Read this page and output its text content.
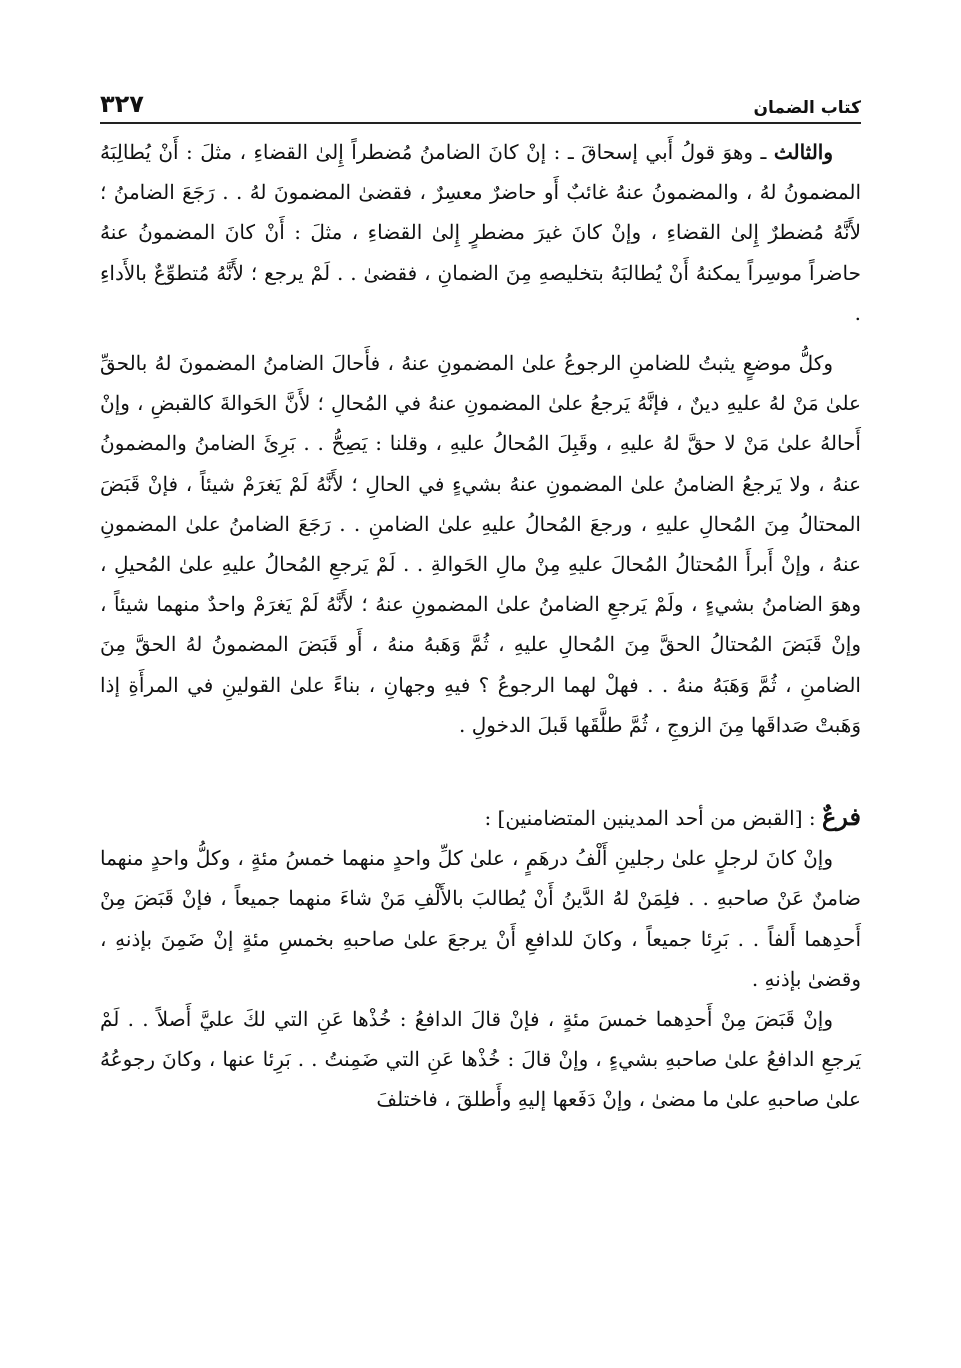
كتاب الضمان
٣٢٧

والثالث ـ وهوَ قولُ أَبي إسحاقَ ـ : إنْ كانَ الضامنُ مُضطراً إِلىٰ القضاءِ ، مثلَ : أَنْ يُطالِبَهُ المضمونُ لهُ ، والمضمونُ عنهُ غائبٌ أَو حاضرٌ معسِرٌ ، فقضىٰ المضمونَ لهُ . . رَجَعَ الضامنُ ؛ لأَنَّهُ مُضطرٌ إِلىٰ القضاءِ ، وإنْ كانَ غيرَ مضطرٍ إِلىٰ القضاءِ ، مثلَ : أَنْ كانَ المضمونُ عنهُ حاضراً موسِراً يمكنهُ أَنْ يُطالبَهُ بتخليصهِ مِنَ الضمانِ ، فقضىٰ . . لَمْ يرجع ؛ لأَنَّهُ مُتطوِّعٌ بالأَداءِ .

وكلُّ موضعٍ يثبتُ للضامنِ الرجوعُ علىٰ المضمونِ عنهُ ، فأَحالَ الضامنُ المضمونَ لهُ بالحقِّ علىٰ مَنْ لهُ عليهِ دينٌ ، فإنَّهُ يَرجعُ علىٰ المضمونِ عنهُ في المُحالِ ؛ لأَنَّ الحَوالةَ كالقبضِ ، وإنْ أَحالهُ علىٰ مَنْ لا حقَّ لهُ عليهِ ، وقَبِلَ المُحالُ عليهِ ، وقلنا : يَصِحُّ . . بَرِئَ الضامنُ والمضمونُ عنهُ ، ولا يَرجعُ الضامنُ علىٰ المضمونِ عنهُ بشيءٍ في الحالِ ؛ لأَنَّهُ لَمْ يَغرَمْ شيئاً ، فإنْ قَبَضَ المحتالُ مِنَ المُحالِ عليهِ ، ورجعَ المُحالُ عليهِ علىٰ الضامنِ . . رَجَعَ الضامنُ علىٰ المضمونِ عنهُ ، وإنْ أَبرأَ المُحتالُ المُحالَ عليهِ مِنْ مالِ الحَوالةِ . . لَمْ يَرجعِ المُحالُ عليهِ علىٰ المُحيلِ ، وهوَ الضامنُ بشيءٍ ، ولَمْ يَرجعِ الضامنُ علىٰ المضمونِ عنهُ ؛ لأَنَّهُ لَمْ يَغرَمْ واحدٌ منهما شيئاً ، وإنْ قَبَضَ المُحتالُ الحقَّ مِنَ المُحالِ عليهِ ، ثُمَّ وَهَبهُ منهُ ، أَو قَبَضَ المضمونُ لهُ الحقَّ مِنَ الضامنِ ، ثُمَّ وَهَبَهُ منهُ . . فهلْ لهما الرجوعُ ؟ فيهِ وجهانِ ، بناءً علىٰ القولينِ في المرأَةِ إذا وَهَبتْ صَداقَها مِنَ الزوجِ ، ثُمَّ طلَّقَها قَبلَ الدخولِ .

فرعٌ : [القبض من أحد المدينين المتضامنين] :

وإنْ كانَ لرجلٍ علىٰ رجلينِ أَلْفُ درهَمٍ ، علىٰ كلِّ واحدٍ منهما خمسُ مئةٍ ، وكلُّ واحدٍ منهما ضامنٌ عَنْ صاحبهِ . . فلِمَنْ لهُ الدَّينُ أَنْ يُطالبَ بالأَلْفِ مَنْ شاءَ منهما جميعاً ، فإنْ قَبَضَ مِنْ أَحدِهما أَلفاً . . بَرِئا جميعاً ، وكانَ للدافعِ أَنْ يرجعَ علىٰ صاحبهِ بخمسِ مئةٍ إنْ ضَمِنَ بإذنهِ ، وقضىٰ بإذنهِ .

وإنْ قَبَضَ مِنْ أَحدِهما خمسَ مئةٍ ، فإنْ قالَ الدافعُ : خُذْها عَنِ التي لكَ عليَّ أَصلاً . . لَمْ يَرجعِ الدافعُ علىٰ صاحبهِ بشيءٍ ، وإنْ قالَ : خُذْها عَنِ التي ضَمِنتُ . . بَرِئا عنها ، وكانَ رجوعُهُ علىٰ صاحبهِ علىٰ ما مضىٰ ، وإنْ دَفَعها إليهِ وأَطلقَ ، فاختلفَ
